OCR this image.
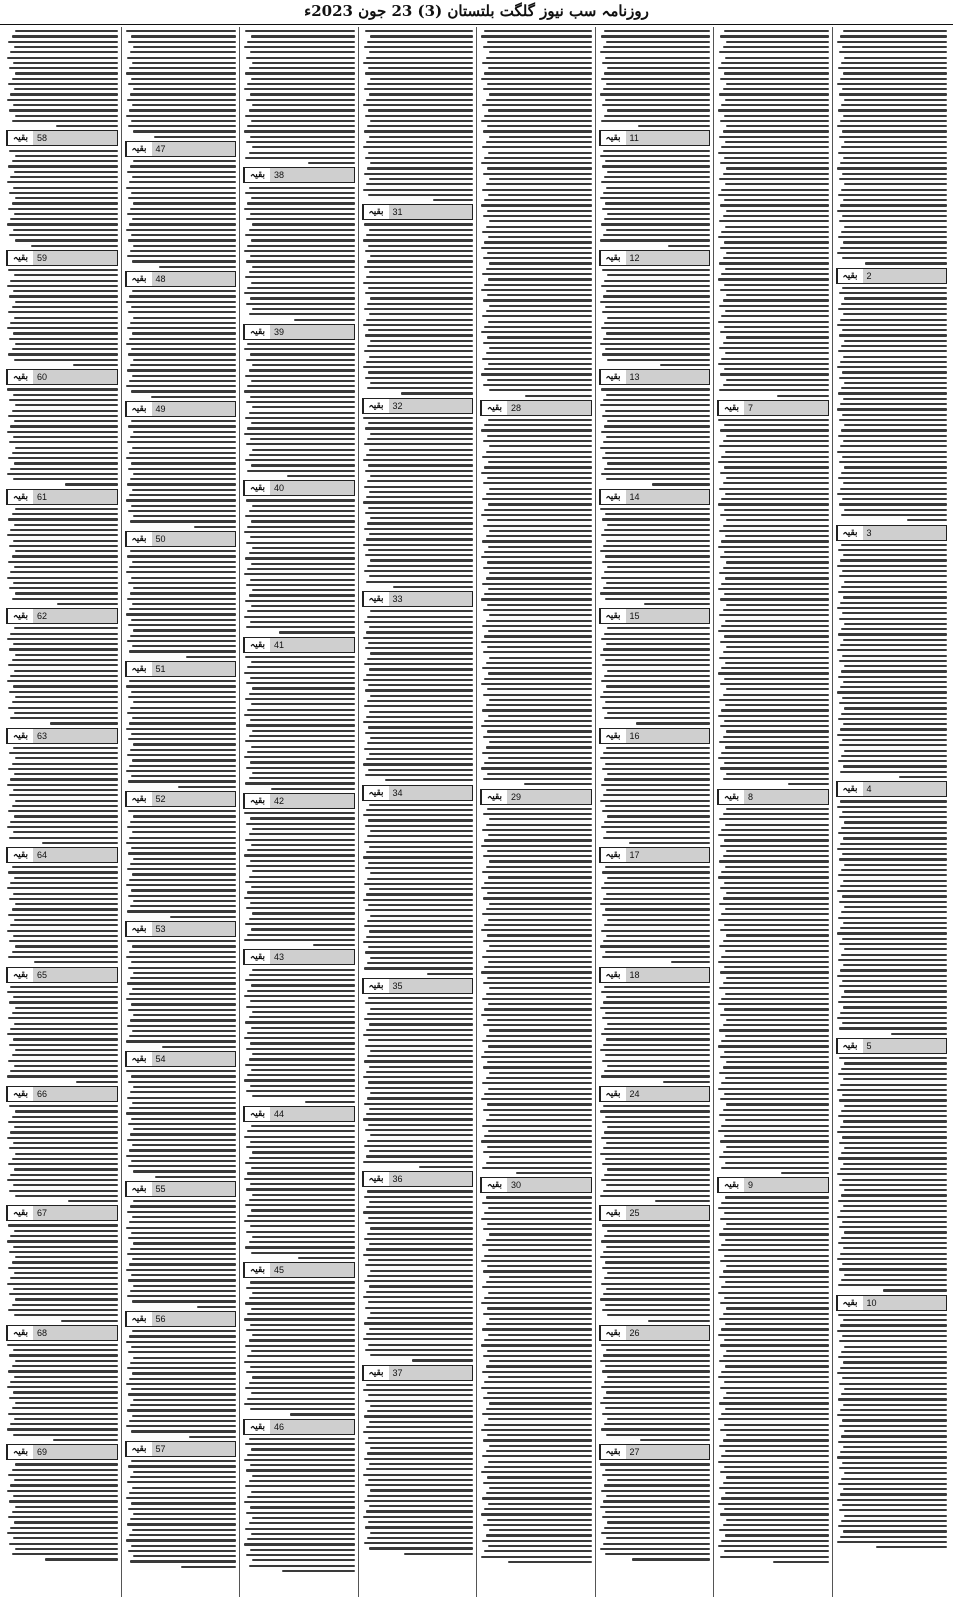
روزنامہ سب نیوز گلگت بلتستان (3) 23 جون 2023ء
بقیہ	2
بقیہ	3
بقیہ	4
بقیہ	5
بقیہ	10
بقیہ	7
بقیہ	8
بقیہ	9
بقیہ	11
بقیہ	12
بقیہ	13
بقیہ	14
بقیہ	15
بقیہ	16
بقیہ	17
بقیہ	18
بقیہ	24
بقیہ	25
بقیہ	26
بقیہ	27
بقیہ	28
بقیہ	29
بقیہ	30
بقیہ	31
بقیہ	32
بقیہ	33
بقیہ	34
بقیہ	35
بقیہ	36
بقیہ	37
بقیہ	38
بقیہ	39
بقیہ	40
بقیہ	41
بقیہ	42
بقیہ	43
بقیہ	44
بقیہ	45
بقیہ	46
بقیہ	47
بقیہ	48
بقیہ	49
بقیہ	50
بقیہ	51
بقیہ	52
بقیہ	53
بقیہ	54
بقیہ	55
بقیہ	56
بقیہ	57
بقیہ	58
بقیہ	59
بقیہ	60
بقیہ	61
بقیہ	62
بقیہ	63
بقیہ	64
بقیہ	65
بقیہ	66
بقیہ	67
بقیہ	68
بقیہ	69
